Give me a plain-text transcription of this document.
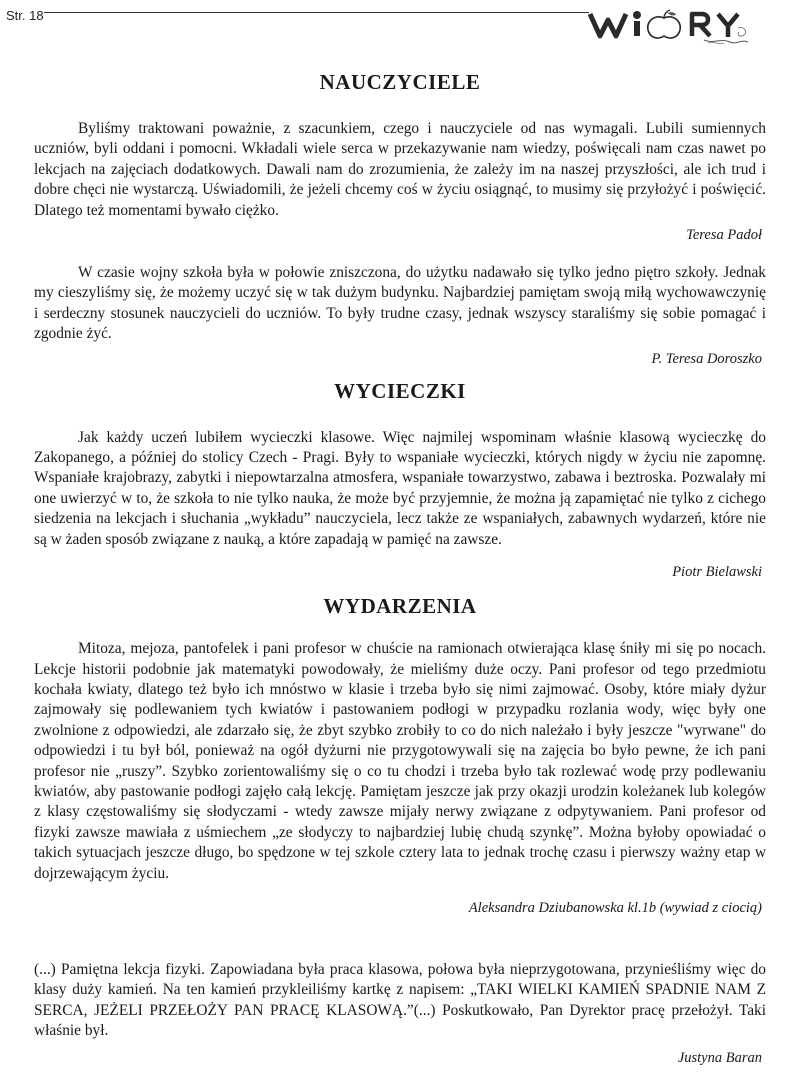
Str. 18
NAUCZYCIELE

Byliśmy traktowani poważnie, z szacunkiem, czego i nauczyciele od nas wymagali. Lubili sumiennych uczniów, byli oddani i pomocni. Wkładali wiele serca w przekazywanie nam wiedzy, poświęcali nam czas nawet po lekcjach na zajęciach dodatkowych. Dawali nam do zrozumienia, że zależy im na naszej przyszłości, ale ich trud i dobre chęci nie wystarczą. Uświadomili, że jeżeli chcemy coś w życiu osiągnąć, to musimy się przyłożyć i poświęcić. Dlatego też momentami bywało ciężko.

Teresa Padoł

W czasie wojny szkoła była w połowie zniszczona, do użytku nadawało się tylko jedno piętro szkoły. Jednak my cieszyliśmy się, że możemy uczyć się w tak dużym budynku. Najbardziej pamiętam swoją miłą wychowawczynię i serdeczny stosunek nauczycieli do uczniów. To były trudne czasy, jednak wszyscy staraliśmy się sobie pomagać i zgodnie żyć.

P. Teresa Doroszko
WYCIECZKI

Jak każdy uczeń lubiłem wycieczki klasowe. Więc najmilej wspominam właśnie klasową wycieczkę do Zakopanego, a później do stolicy Czech - Pragi. Były to wspaniałe wycieczki, których nigdy w życiu nie zapomnę. Wspaniałe krajobrazy, zabytki i niepowtarzalna atmosfera, wspaniałe towarzystwo, zabawa i beztroska. Pozwalały mi one uwierzyć w to, że szkoła to nie tylko nauka, że może być przyjemnie, że można ją zapamiętać nie tylko z cichego siedzenia na lekcjach i słuchania „wykładu” nauczyciela, lecz także ze wspaniałych, zabawnych wydarzeń, które nie są w żaden sposób związane z nauką, a które zapadają w pamięć na zawsze.

Piotr Bielawski
WYDARZENIA

Mitoza, mejoza, pantofelek i pani profesor w chuście na ramionach otwierająca klasę śniły mi się po nocach. Lekcje historii podobnie jak matematyki powodowały, że mieliśmy duże oczy. Pani profesor od tego przedmiotu kochała kwiaty, dlatego też było ich mnóstwo w klasie i trzeba było się nimi zajmować. Osoby, które miały dyżur zajmowały się podlewaniem tych kwiatów i pastowaniem podłogi w przypadku rozlania wody, więc były one zwolnione z odpowiedzi, ale zdarzało się, że zbyt szybko zrobiły to co do nich należało i były jeszcze "wyrwane" do odpowiedzi i tu był ból, ponieważ na ogół dyżurni nie przygotowywali się na zajęcia bo było pewne, że ich pani profesor nie „ruszy”. Szybko zorientowaliśmy się o co tu chodzi i trzeba było tak rozlewać wodę przy podlewaniu kwiatów, aby pastowanie podłogi zajęło całą lekcję. Pamiętam jeszcze jak przy okazji urodzin koleżanek lub kolegów z klasy częstowaliśmy się słodyczami - wtedy zawsze mijały nerwy związane z odpytywaniem. Pani profesor od fizyki zawsze mawiała z uśmiechem „ze słodyczy to najbardziej lubię chudą szynkę”. Można byłoby opowiadać o takich sytuacjach jeszcze długo, bo spędzone w tej szkole cztery lata to jednak trochę czasu i pierwszy ważny etap w dojrzewającym życiu.

Aleksandra Dziubanowska kl.1b (wywiad z ciocią)

(...) Pamiętna lekcja fizyki. Zapowiadana była praca klasowa, połowa była nieprzygotowana, przynieśliśmy więc do klasy duży kamień. Na ten kamień przykleiliśmy kartkę z napisem: „TAKI WIELKI KAMIEŃ SPADNIE NAM Z SERCA, JEŻELI PRZEŁOŻY PAN PRACĘ KLASOWĄ.”(...) Poskutkowało, Pan Dyrektor pracę przełożył. Taki właśnie był.

Justyna Baran
